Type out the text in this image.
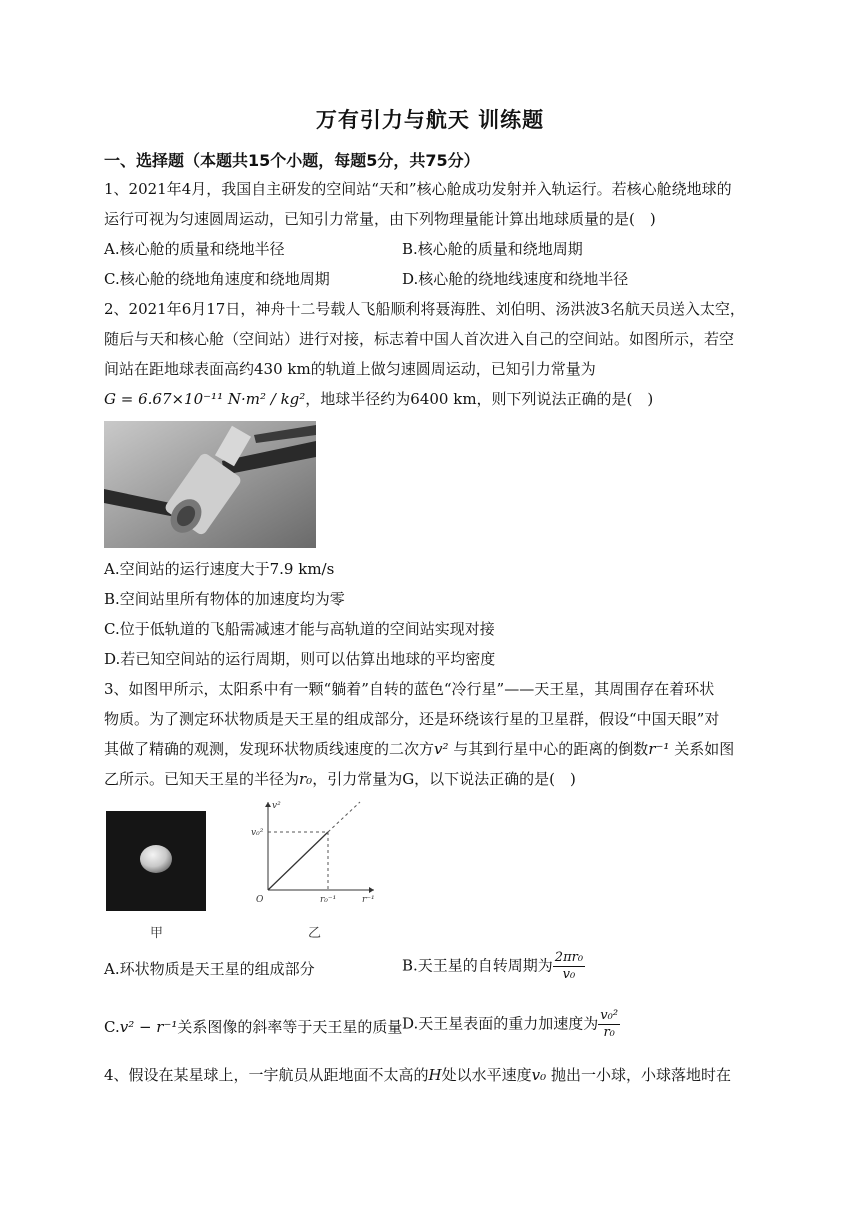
万有引力与航天 训练题
一、选择题（本题共15个小题，每题5分，共75分）
1、2021年4月，我国自主研发的空间站“天和”核心舱成功发射并入轨运行。若核心舱绕地球的
运行可视为匀速圆周运动，已知引力常量，由下列物理量能计算出地球质量的是(　)
A.核心舱的质量和绕地半径	B.核心舱的质量和绕地周期
C.核心舱的绕地角速度和绕地周期	D.核心舱的绕地线速度和绕地半径
2、2021年6月17日，神舟十二号载人飞船顺利将聂海胜、刘伯明、汤洪波3名航天员送入太空，
随后与天和核心舱（空间站）进行对接，标志着中国人首次进入自己的空间站。如图所示，若空
间站在距地球表面高约430 km的轨道上做匀速圆周运动，已知引力常量为
G = 6.67×10⁻¹¹ N·m² / kg²，地球半径约为6400 km，则下列说法正确的是(　)
A.空间站的运行速度大于7.9 km/s
B.空间站里所有物体的加速度均为零
C.位于低轨道的飞船需减速才能与高轨道的空间站实现对接
D.若已知空间站的运行周期，则可以估算出地球的平均密度
3、如图甲所示，太阳系中有一颗“躺着”自转的蓝色“冷行星”——天王星，其周围存在着环状
物质。为了测定环状物质是天王星的组成部分，还是环绕该行星的卫星群，假设“中国天眼”对
其做了精确的观测，发现环状物质线速度的二次方v² 与其到行星中心的距离的倒数r⁻¹ 关系如图
乙所示。已知天王星的半径为r₀，引力常量为G，以下说法正确的是(　)
甲
v²
r⁻¹
v₀²
r₀⁻¹
O
乙
A.环状物质是天王星的组成部分	B.天王星的自转周期为 $\frac{\text{2πr₀}}{\text{v₀}}$
C.v² − r⁻¹关系图像的斜率等于天王星的质量 D.天王星表面的重力加速度为 $\frac{\text{v₀²}}{\text{r₀}}$
4、假设在某星球上，一宇航员从距地面不太高的H处以水平速度v₀ 抛出一小球，小球落地时在
